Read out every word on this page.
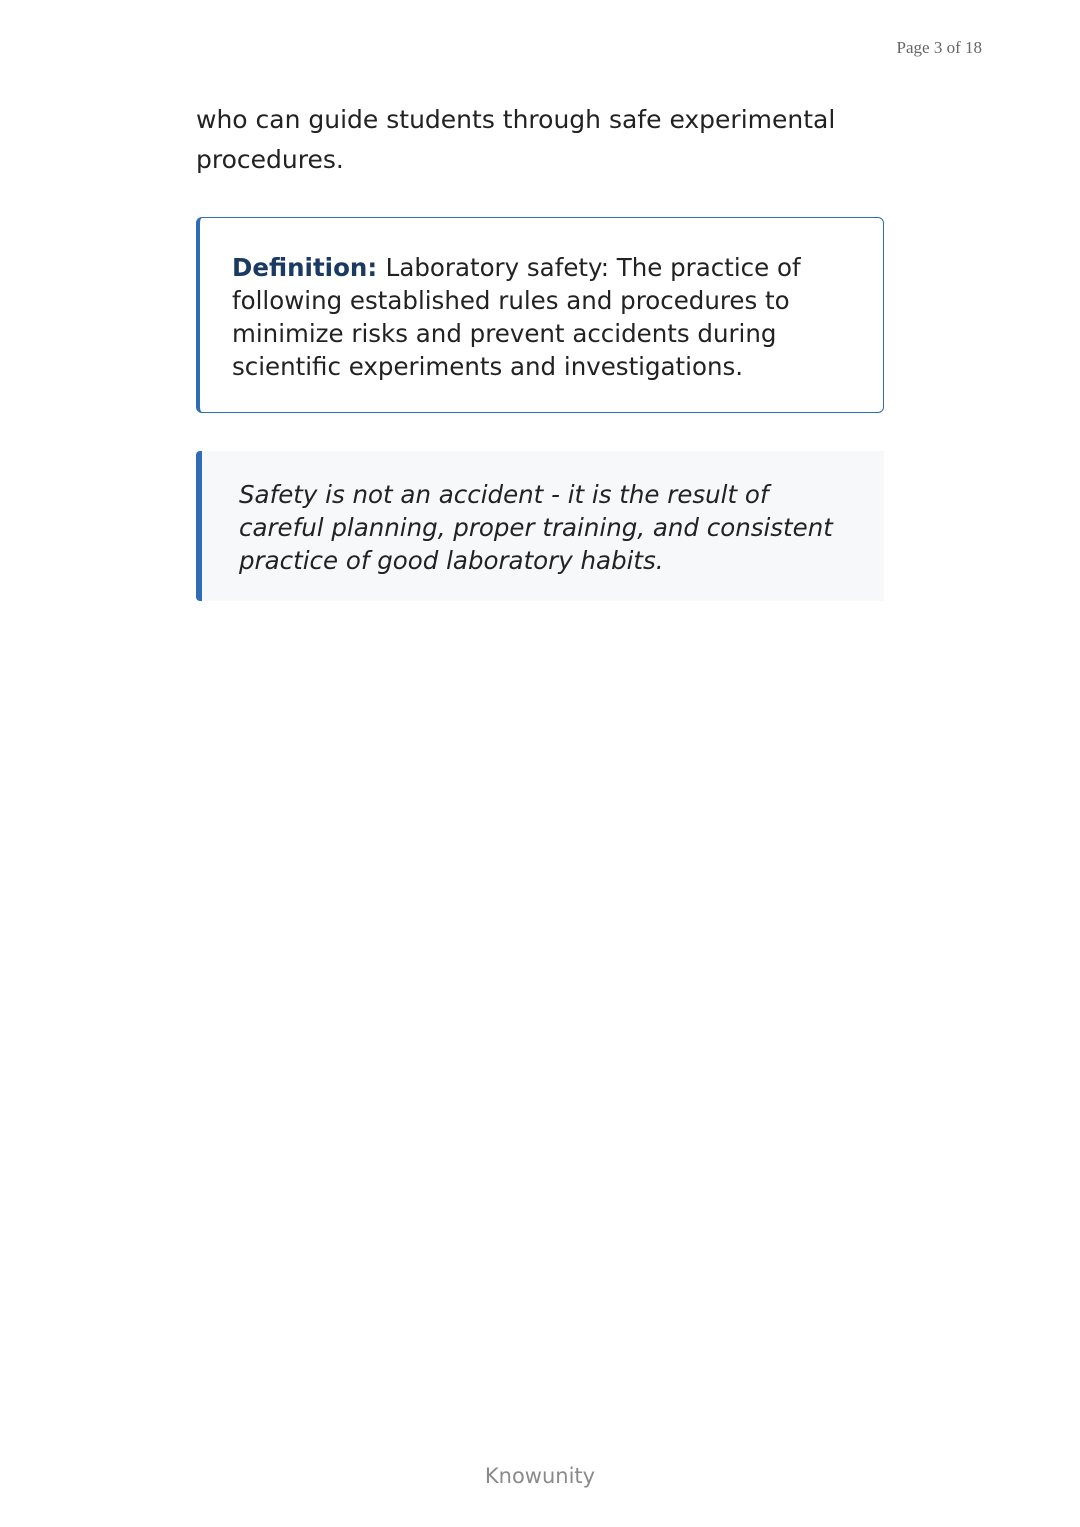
Page 3 of 18

who can guide students through safe experimental procedures.

Definition: Laboratory safety: The practice of following established rules and procedures to minimize risks and prevent accidents during scientific experiments and investigations.
Safety is not an accident - it is the result of careful planning, proper training, and consistent practice of good laboratory habits.
Knowunity
